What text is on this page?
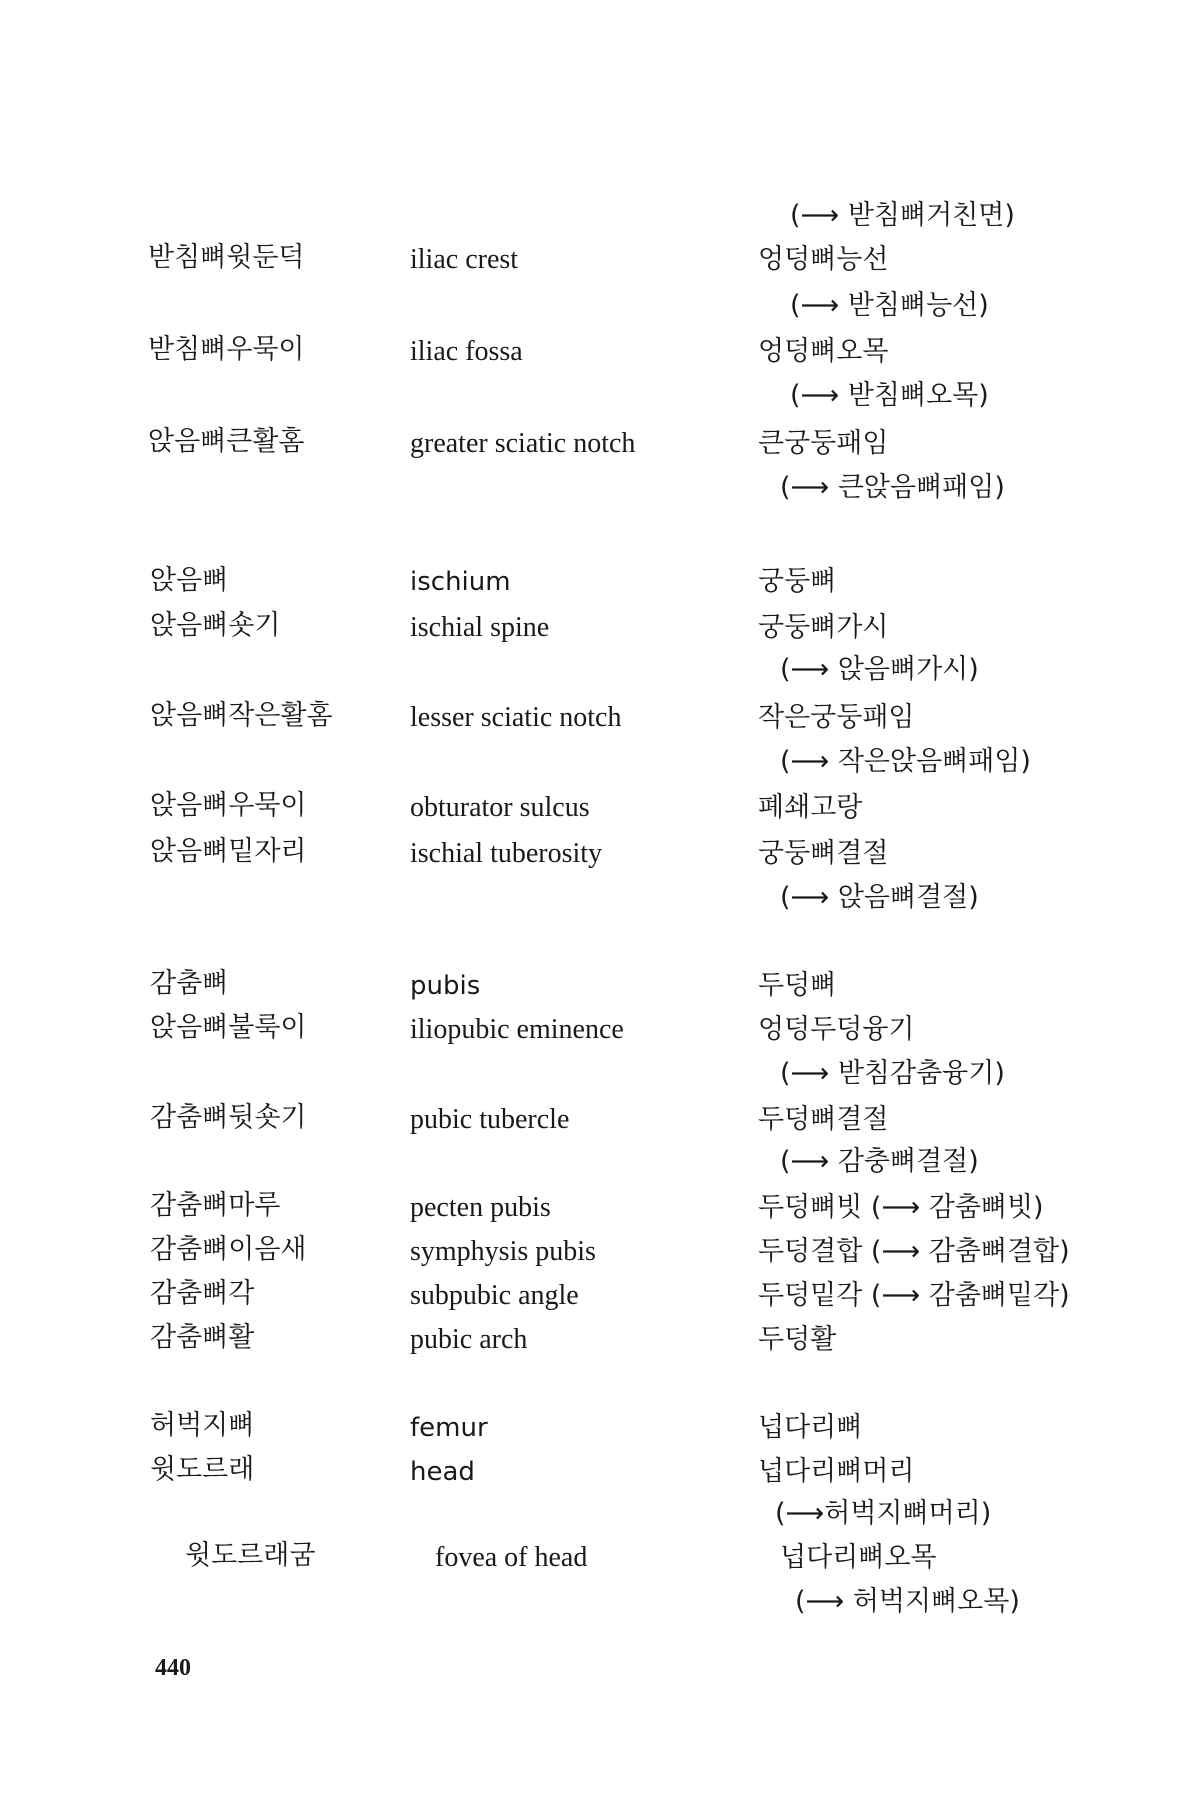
(⟶ 받침뼈거친면)
받침뼈윗둔덕	iliac crest	엉덩뼈능선
(⟶ 받침뼈능선)
받침뼈우묵이	iliac fossa	엉덩뼈오목
(⟶ 받침뼈오목)
앉음뼈큰활홈	greater sciatic notch	큰궁둥패임
(⟶ 큰앉음뼈패임)
앉음뼈	ischium	궁둥뼈
앉음뼈숏기	ischial spine	궁둥뼈가시
(⟶ 앉음뼈가시)
앉음뼈작은활홈	lesser sciatic notch	작은궁둥패임
(⟶ 작은앉음뼈패임)
앉음뼈우묵이	obturator sulcus	폐쇄고랑
앉음뼈밑자리	ischial tuberosity	궁둥뼈결절
(⟶ 앉음뼈결절)
감춤뼈	pubis	두덩뼈
앉음뼈불룩이	iliopubic eminence	엉덩두덩융기
(⟶ 받침감춤융기)
감춤뼈뒷숏기	pubic tubercle	두덩뼈결절
(⟶ 감충뼈결절)
감춤뼈마루	pecten pubis	두덩뼈빗 (⟶ 감춤뼈빗)
감춤뼈이음새	symphysis pubis	두덩결합 (⟶ 감춤뼈결합)
감춤뼈각	subpubic angle	두덩밑각 (⟶ 감춤뼈밑각)
감춤뼈활	pubic arch	두덩활
허벅지뼈	femur	넙다리뼈
윗도르래	head	넙다리뼈머리
(⟶허벅지뼈머리)
윗도르래굼	fovea of head	넙다리뼈오목
(⟶ 허벅지뼈오목)
440
